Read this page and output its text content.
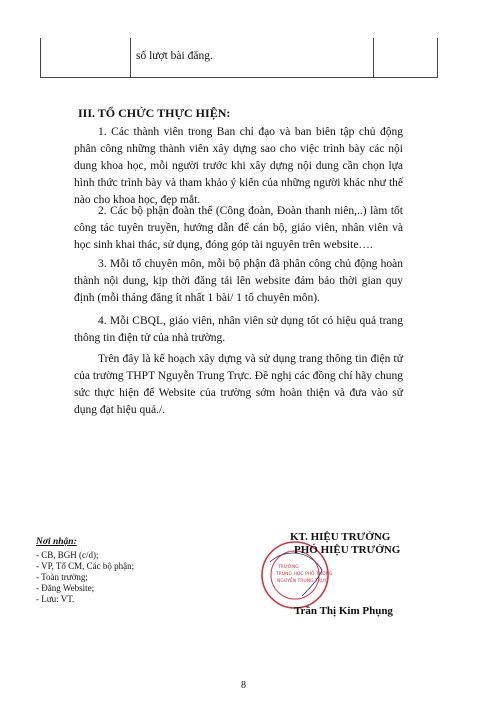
số lượt bài đăng.
III. TỔ CHỨC THỰC HIỆN:

1. Các thành viên trong Ban chỉ đạo và ban biên tập chủ động phân công những thành viên xây dựng sao cho việc trình bày các nội dung khoa học, mỗi người trước khi xây dựng nội dung cần chọn lựa hình thức trình bày và tham khảo ý kiến của những người khác như thế nào cho khoa học, đẹp mắt.

2. Các bộ phận đoàn thể (Công đoàn, Đoàn thanh niên,..) làm tốt công tác tuyên truyền, hướng dẫn để cán bộ, giáo viên, nhân viên và học sinh khai thác, sử dụng, đóng góp tài nguyên trên website….

3. Mỗi tổ chuyên môn, mỗi bộ phận đã phân công chủ động hoàn thành nội dung, kịp thời đăng tải lên website đảm bảo thời gian quy định (mỗi tháng đăng ít nhất 1 bài/ 1 tổ chuyên môn).

4. Mỗi CBQL, giáo viên, nhân viên sử dụng tốt có hiệu quả trang thông tin điện tử của nhà trường.

Trên đây là kế hoạch xây dựng và sử dụng trang thông tin điện tử của trường THPT Nguyễn Trung Trực. Đề nghị các đồng chí hãy chung sức thực hiện để Website của trường sớm hoàn thiện và đưa vào sử dụng đạt hiệu quả./.

Nơi nhận:
- CB, BGH (c/d);
- VP, Tổ CM, Các bộ phận;
- Toàn trường;
- Đăng Website;
- Lưu: VT.
TRƯỜNG
TRUNG HỌC PHỔ THÔNG
NGUYỄN TRUNG TRỰC
KT. HIỆU TRƯỞNG
PHÓ HIỆU TRƯỞNG
Trần Thị Kim Phụng
8
